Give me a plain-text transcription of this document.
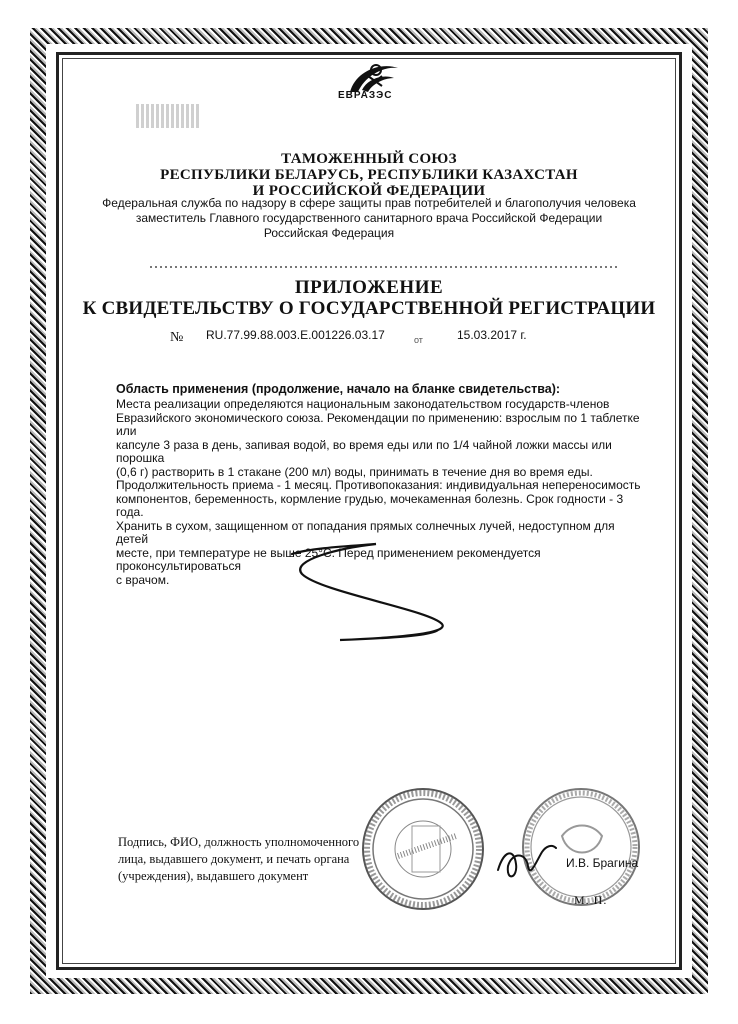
ЕВРАЗЭС
ТАМОЖЕННЫЙ СОЮЗ
РЕСПУБЛИКИ БЕЛАРУСЬ, РЕСПУБЛИКИ КАЗАХСТАН
И РОССИЙСКОЙ ФЕДЕРАЦИИ
Федеральная служба по надзору в сфере защиты прав потребителей и благополучия человека
заместитель Главного государственного санитарного врача Российской Федерации
Российская Федерация
ПРИЛОЖЕНИЕ
К СВИДЕТЕЛЬСТВУ О ГОСУДАРСТВЕННОЙ РЕГИСТРАЦИИ
№ RU.77.99.88.003.E.001226.03.17	от	15.03.2017 г.
Область применения (продолжение, начало на бланке свидетельства):
Места реализации определяются национальным законодательством государств-членов
Евразийского экономического союза. Рекомендации по применению: взрослым по 1 таблетке или
капсуле 3 раза в день, запивая водой, во время еды или по 1/4 чайной ложки массы или порошка
(0,6 г) растворить в 1 стакане (200 мл) воды, принимать в течение дня во время еды.
Продолжительность приема - 1 месяц. Противопоказания: индивидуальная непереносимость
компонентов, беременность, кормление грудью, мочекаменная болезнь. Срок годности - 3 года.
Хранить в сухом, защищенном от попадания прямых солнечных лучей, недоступном для детей
месте, при температуре не выше 25°С. Перед применением рекомендуется проконсультироваться
с врачом.
Подпись, ФИО, должность уполномоченного
лица, выдавшего документ, и печать органа
(учреждения), выдавшего документ
И.В. Брагина
М. П.
